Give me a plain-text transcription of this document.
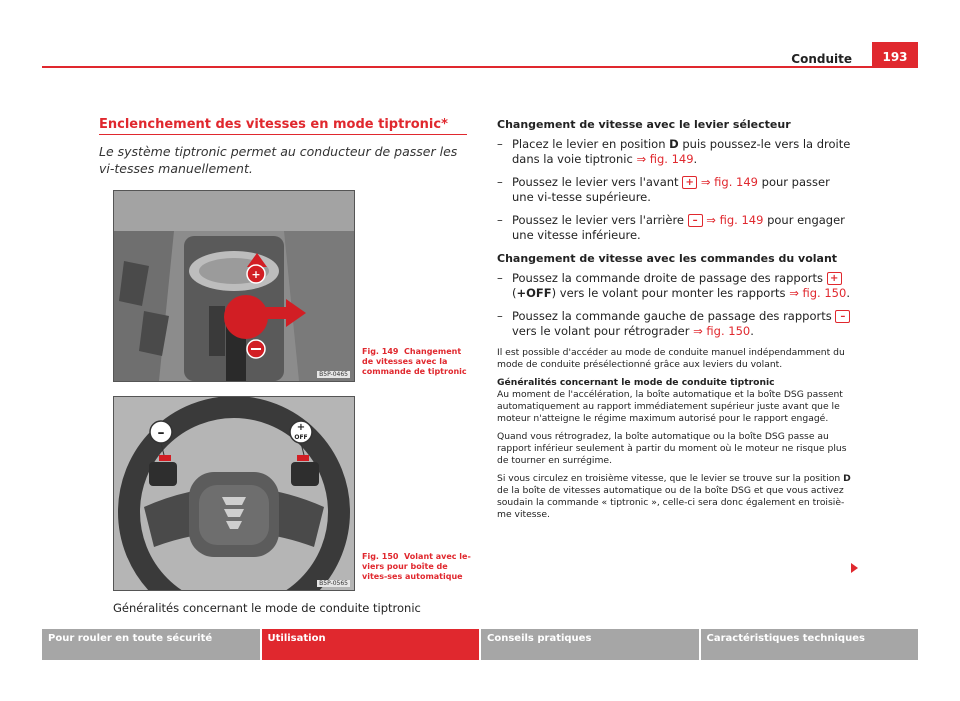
Conduite	193
Enclenchement des vitesses en mode tiptronic*
Le système tiptronic permet au conducteur de passer les vi-tesses manuellement.
+
B5P-0465
Fig. 149 Changement de vitesses avec la commande de tiptronic
–	+
OFF
B5P-0565
Fig. 150 Volant avec le-viers pour boîte de vites-ses automatique
Généralités concernant le mode de conduite tiptronic
Changement de vitesse avec le levier sélecteur
– Placez le levier en position D puis poussez-le vers la droite dans la voie tiptronic ⇒ fig. 149.
– Poussez le levier vers l'avant + ⇒ fig. 149 pour passer une vi-tesse supérieure.
– Poussez le levier vers l'arrière – ⇒ fig. 149 pour engager une vitesse inférieure.
Changement de vitesse avec les commandes du volant
– Poussez la commande droite de passage des rapports +
(+OFF) vers le volant pour monter les rapports ⇒ fig. 150.
– Poussez la commande gauche de passage des rapports – vers le volant pour rétrograder ⇒ fig. 150.

Il est possible d'accéder au mode de conduite manuel indépendamment du mode de conduite présélectionné grâce aux leviers du volant.

Généralités concernant le mode de conduite tiptronic

Au moment de l'accélération, la boîte automatique et la boîte DSG passent automatiquement au rapport immédiatement supérieur juste avant que le moteur n'atteigne le régime maximum autorisé pour le rapport engagé.

Quand vous rétrogradez, la boîte automatique ou la boîte DSG passe au rapport inférieur seulement à partir du moment où le moteur ne risque plus de tourner en surrégime.

Si vous circulez en troisième vitesse, que le levier se trouve sur la position D de la boîte de vitesses automatique ou de la boîte DSG et que vous activez soudain la commande « tiptronic », celle-ci sera donc également en troisiè-me vitesse.

Pour rouler en toute sécurité	Utilisation	Conseils pratiques	Caractéristiques techniques
